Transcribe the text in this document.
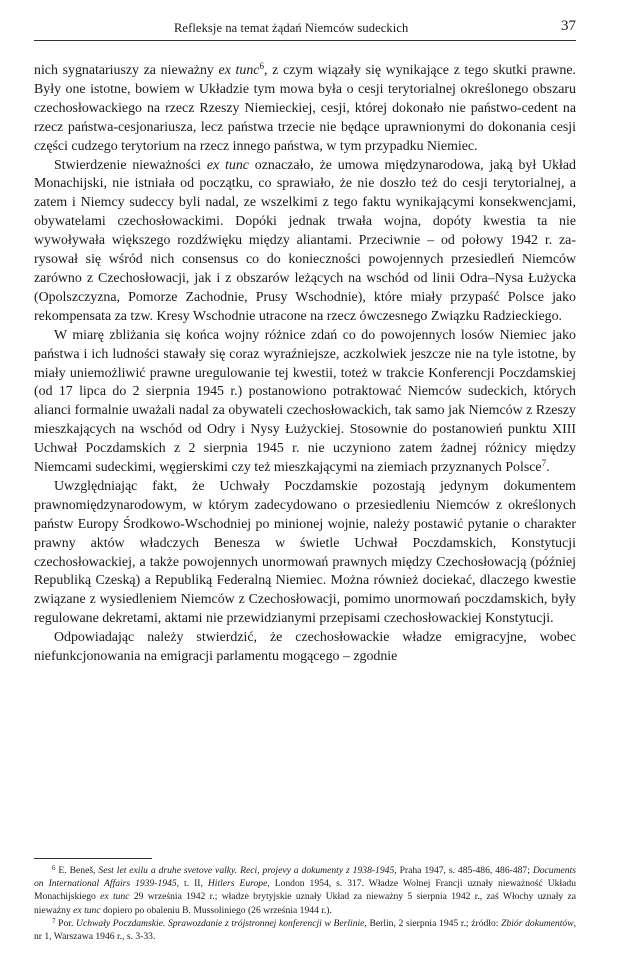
Refleksje na temat żądań Niemców sudeckich	37

nich sygnatariuszy za nieważny ex tunc$^6$, z czym wiązały się wynikające z tego skutki prawne. Były one istotne, bowiem w Układzie tym mowa była o cesji terytorialnej określonego obszaru czechosłowackiego na rzecz Rzeszy Niemieckiej, cesji, której dokonało nie państwo-cedent na rzecz państwa-cesjonariusza, lecz państwa trzecie nie będące uprawnionymi do dokonania cesji części cudzego terytorium na rzecz innego państwa, w tym przypadku Niemiec.

Stwierdzenie nieważności ex tunc oznaczało, że umowa międzynarodowa, jaką był Układ Monachijski, nie istniała od początku, co sprawiało, że nie doszło też do cesji terytorialnej, a zatem i Niemcy sudeccy byli nadal, ze wszelkimi z tego faktu wynikającymi konsekwencjami, obywatelami czechosłowackimi. Dopóki jednak trwała wojna, dopóty kwestia ta nie wywoływała większego rozdźwięku między aliantami. Przeciwnie – od połowy 1942 r. zarysował się wśród nich consensus co do konieczności powojennych przesiedleń Niemców zarówno z Czechosłowacji, jak i z obszarów leżących na wschód od linii Odra–Nysa Łużycka (Opolszczyzna, Pomorze Zachodnie, Prusy Wschodnie), które miały przypaść Polsce jako rekompensata za tzw. Kresy Wschodnie utracone na rzecz ówczesnego Związku Radzieckiego.

W miarę zbliżania się końca wojny różnice zdań co do powojennych losów Niemiec jako państwa i ich ludności stawały się coraz wyraźniejsze, aczkolwiek jeszcze nie na tyle istotne, by miały uniemożliwić prawne uregulowanie tej kwestii, toteż w trakcie Konferencji Poczdamskiej (od 17 lipca do 2 sierpnia 1945 r.) postanowiono potraktować Niemców sudeckich, których alianci formalnie uważali nadal za obywateli czechosłowackich, tak samo jak Niemców z Rzeszy mieszkających na wschód od Odry i Nysy Łużyckiej. Stosownie do postanowień punktu XIII Uchwał Poczdamskich z 2 sierpnia 1945 r. nie uczyniono zatem żadnej różnicy między Niemcami sudeckimi, węgierskimi czy też mieszkającymi na ziemiach przyznanych Polsce$^7$.

Uwzględniając fakt, że Uchwały Poczdamskie pozostają jedynym dokumentem prawnomiędzynarodowym, w którym zadecydowano o przesiedleniu Niemców z określonych państw Europy Środkowo-Wschodniej po minionej wojnie, należy postawić pytanie o charakter prawny aktów władczych Benesza w świetle Uchwał Poczdamskich, Konstytucji czechosłowackiej, a także powojennych unormowań prawnych między Czechosłowacją (później Republiką Czeską) a Republiką Federalną Niemiec. Można również dociekać, dlaczego kwestie związane z wysiedleniem Niemców z Czechosłowacji, pomimo unormowań poczdamskich, były regulowane dekretami, aktami nie przewidzianymi przepisami czechosłowackiej Konstytucji.

Odpowiadając należy stwierdzić, że czechosłowackie władze emigracyjne, wobec niefunkcjonowania na emigracji parlamentu mogącego – zgodnie

$^6$ E. Beneš, Sest let exilu a druhe svetove valky. Reci, projevy a dokumenty z 1938-1945, Praha 1947, s. 485-486, 486-487; Documents on International Affairs 1939-1945, t. II, Hitlers Europe, London 1954, s. 317. Władze Wolnej Francji uznały nieważność Układu Monachijskiego ex tunc 29 września 1942 r.; władze brytyjskie uznały Układ za nieważny 5 sierpnia 1942 r., zaś Włochy uznały za nieważny ex tunc dopiero po obaleniu B. Mussoliniego (26 września 1944 r.).

$^7$ Por. Uchwały Poczdamskie. Sprawozdanie z trójstronnej konferencji w Berlinie, Berlin, 2 sierpnia 1945 r.; źródło: Zbiór dokumentów, nr 1, Warszawa 1946 r., s. 3-33.
